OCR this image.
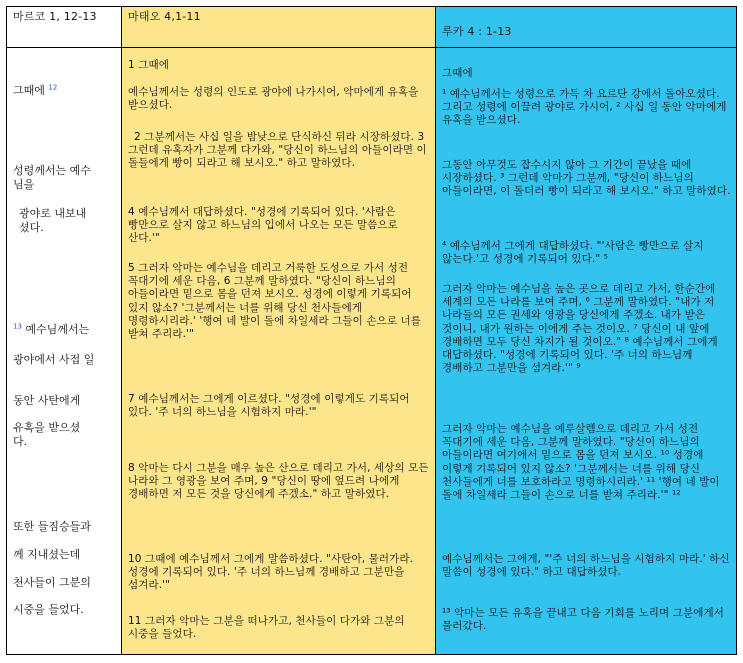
마르코 1, 12-13
그때에 $^{12}$
성령께서는 예수님을
광야로 내보내셨다.
$^{13}$ 예수님께서는
광야에서 사접 일
동안 사탄에게
유혹을 받으셨다.
또한 들짐승들과
께 지내셨는데
천사들이 그분의
시중을 들었다.
마태오 4,1-11

1 그때에

예수님께서는 성령의 인도로 광야에 나가시어, 악마에게 유혹을 받으셨다.

2 그분께서는 사십 일을 밤낮으로 단식하신 뒤라 시장하셨다. 3 그런데 유혹자가 그분께 다가와, "당신이 하느님의 아들이라면 이 돌들에게 빵이 되라고 해 보시오." 하고 말하였다.

4 예수님께서 대답하셨다. "성경에 기록되어 있다. '사람은 빵만으로 살지 않고 하느님의 입에서 나오는 모든 말씀으로 산다.'"

5 그러자 악마는 예수님을 데리고 거룩한 도성으로 가서 성전 꼭대기에 세운 다음, 6 그분께 말하였다. "당신이 하느님의 아들이라면 밑으로 몸을 던져 보시오. 성경에 이렇게 기록되어 있지 않소? '그분께서는 너를 위해 당신 천사들에게 명령하시리라.' '행여 네 발이 돌에 차일세라 그들이 손으로 너를 받쳐 주리라.'"

7 예수님께서는 그에게 이르셨다. "성경에 이렇게도 기록되어 있다. '주 너의 하느님을 시험하지 마라.'"

8 악마는 다시 그분을 매우 높은 산으로 데리고 가서, 세상의 모든 나라와 그 영광을 보여 주며, 9 "당신이 땅에 엎드려 나에게 경배하면 저 모든 것을 당신에게 주겠소." 하고 말하였다.

10 그때에 예수님께서 그에게 말씀하셨다. "사탄아, 물러가라. 성경에 기록되어 있다. '주 너의 하느님께 경배하고 그분만을 섬겨라.'"

11 그러자 악마는 그분을 떠나가고, 천사들이 다가와 그분의 시중을 들었다.

루카 4 : 1-13

그때에

¹ 예수님께서는 성령으로 가득 차 요르단 강에서 돌아오셨다. 그리고 성령에 이끌려 광야로 가시어, ² 사십 일 동안 악마에게 유혹을 받으셨다.

그동안 아무것도 잡수시지 않아 그 기간이 끝났을 때에 시장하셨다. ³ 그런데 악마가 그분께, "당신이 하느님의 아들이라면, 이 돌더러 빵이 되라고 해 보시오." 하고 말하였다.

⁴ 예수님께서 그에게 대답하셨다. "'사람은 빵만으로 살지 않는다.'고 성경에 기록되어 있다." ⁵

그러자 악마는 예수님을 높은 곳으로 데리고 가서, 한순간에 세계의 모든 나라를 보여 주며, ⁶ 그분께 말하였다. "내가 저 나라들의 모든 권세와 영광을 당신에게 주겠소. 내가 받은 것이니, 내가 원하는 이에게 주는 것이오. ⁷ 당신이 내 앞에 경배하면 모두 당신 차지가 될 것이오." ⁸ 예수님께서 그에게 대답하셨다. "성경에 기록되어 있다. '주 너의 하느님께 경배하고 그분만을 섬겨라.'" ⁹

그러자 악마는 예수님을 예루살렘으로 데리고 가서 성전 꼭대기에 세운 다음, 그분께 말하였다. "당신이 하느님의 아들이라면 여기에서 밑으로 몸을 던져 보시오. ¹⁰ 성경에 이렇게 기록되어 있지 않소? '그분께서는 너를 위해 당신 천사들에게 너를 보호하라고 명령하시리라.' ¹¹ '행여 네 발이 돌에 차일세라 그들이 손으로 너를 받쳐 주리라.'" ¹²

예수님께서는 그에게, "'주 너의 하느님을 시험하지 마라.' 하신 말씀이 성경에 있다." 하고 대답하셨다.

¹³ 악마는 모든 유혹을 끝내고 다음 기회를 노리며 그분에게서 물러갔다.
